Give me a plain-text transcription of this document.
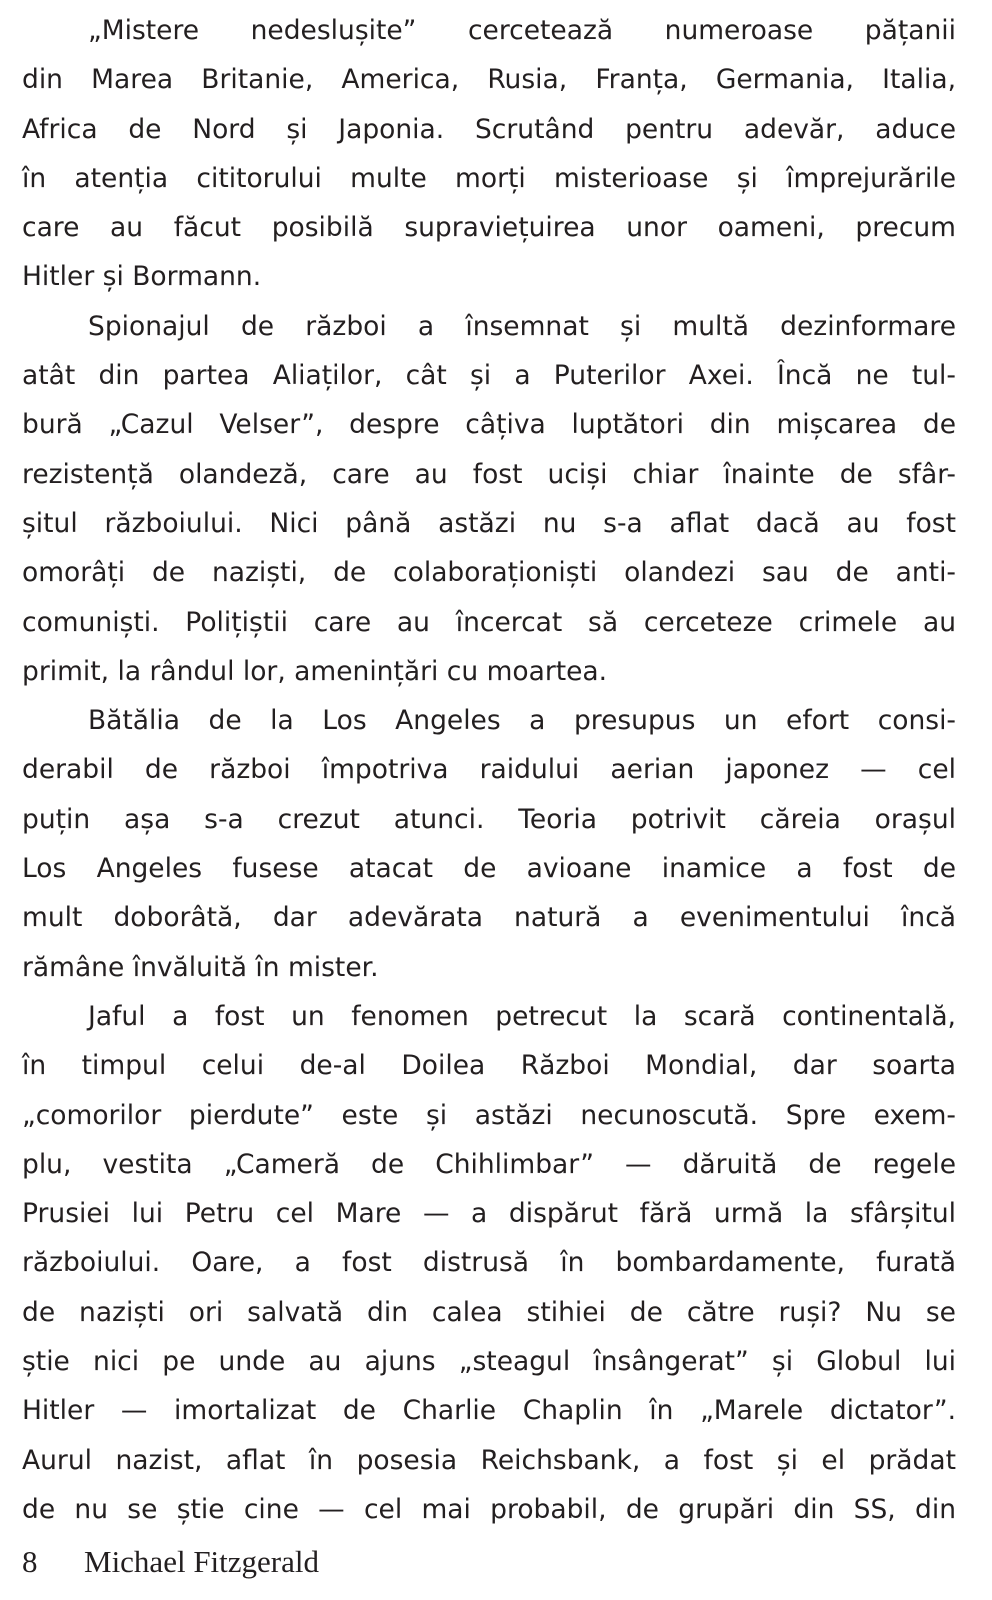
„Mistere nedeslușite” cercetează numeroase pățanii
din Marea Britanie, America, Rusia, Franța, Germania, Italia,
Africa de Nord și Japonia. Scrutând pentru adevăr, aduce
în atenția cititorului multe morți misterioase și împrejurările
care au făcut posibilă supraviețuirea unor oameni, precum
Hitler și Bormann.
Spionajul de război a însemnat și multă dezinformare
atât din partea Aliaților, cât și a Puterilor Axei. Încă ne tul-
bură „Cazul Velser”, despre câțiva luptători din mișcarea de
rezistență olandeză, care au fost uciși chiar înainte de sfâr-
șitul războiului. Nici până astăzi nu s-a aflat dacă au fost
omorâți de naziști, de colaboraționiști olandezi sau de anti-
comuniști. Polițiștii care au încercat să cerceteze crimele au
primit, la rândul lor, amenințări cu moartea.
Bătălia de la Los Angeles a presupus un efort consi-
derabil de război împotriva raidului aerian japonez — cel
puțin așa s-a crezut atunci. Teoria potrivit căreia orașul
Los Angeles fusese atacat de avioane inamice a fost de
mult doborâtă, dar adevărata natură a evenimentului încă
rămâne învăluită în mister.
Jaful a fost un fenomen petrecut la scară continentală,
în timpul celui de-al Doilea Război Mondial, dar soarta
„comorilor pierdute” este și astăzi necunoscută. Spre exem-
plu, vestita „Cameră de Chihlimbar” — dăruită de regele
Prusiei lui Petru cel Mare — a dispărut fără urmă la sfârșitul
războiului. Oare, a fost distrusă în bombardamente, furată
de naziști ori salvată din calea stihiei de către ruși? Nu se
știe nici pe unde au ajuns „steagul însângerat” și Globul lui
Hitler — imortalizat de Charlie Chaplin în „Marele dictator”.
Aurul nazist, aflat în posesia Reichsbank, a fost și el prădat
de nu se știe cine — cel mai probabil, de grupări din SS, din
8 Michael Fitzgerald
